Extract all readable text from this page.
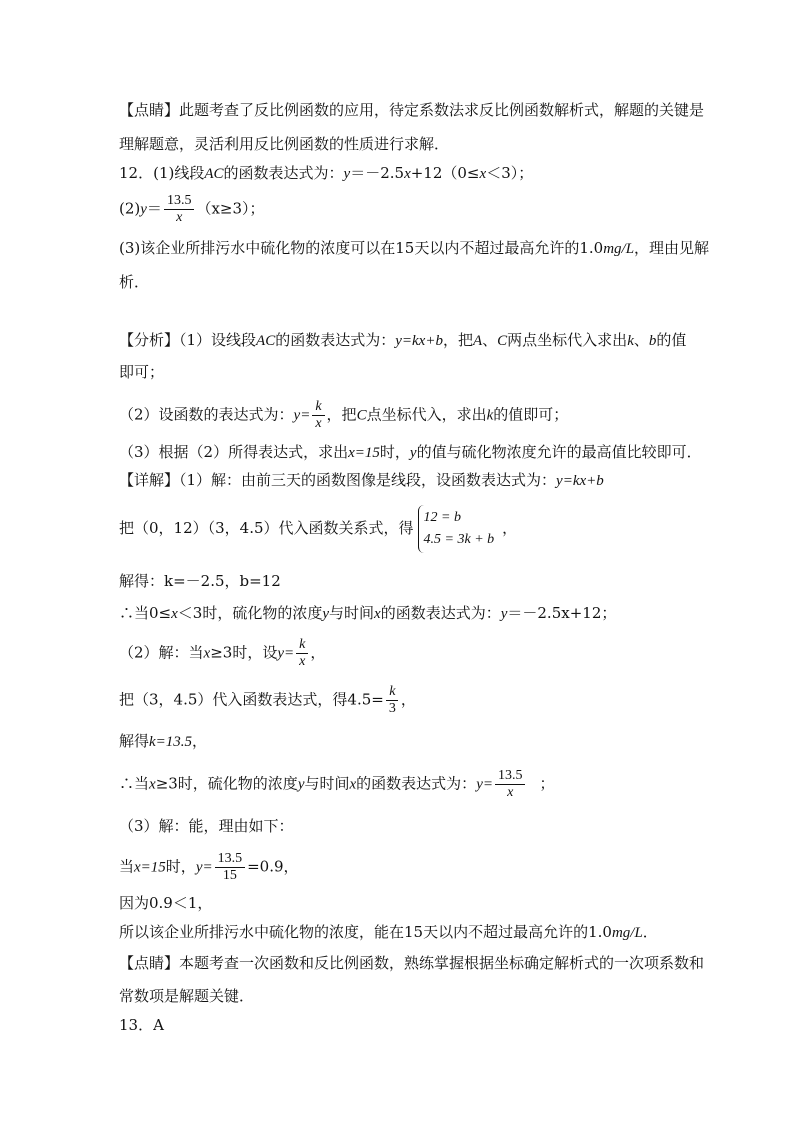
【点睛】此题考查了反比例函数的应用，待定系数法求反比例函数解析式，解题的关键是
理解题意，灵活利用反比例函数的性质进行求解．
12．(1)线段AC的函数表达式为：y＝－2.5x+12（0≤x＜3）；
$(2)y= \frac{13.5}{x} (x\ge 3)$；
(3)该企业所排污水中硫化物的浓度可以在15天以内不超过最高允许的1.0mg/L，理由见解
析．
【分析】（1）设线段AC的函数表达式为：y=kx+b，把A、C两点坐标代入求出k、b的值
即可；
（2）设函数的表达式为：$y= \frac{k}{x}$ ，把C点坐标代入，求出k的值即可；
（3）根据（2）所得表达式，求出x=15时，y的值与硫化物浓度允许的最高值比较即可．
【详解】（1）解：由前三天的函数图像是线段，设函数表达式为：y=kx+b
把（0，12）（3，4.5）代入函数关系式，得
12 = b
4.5 = 3k + b
，
解得：k=－2.5，b=12
∴当0≤x＜3时，硫化物的浓度y与时间x的函数表达式为：y＝－2.5x+12；
（2）解：当x≥3时，设$y= \frac{k}{x}$ ，
把（3，4.5）代入函数表达式，得$4.5= \frac{k}{3}$ ，
解得k=13.5，
∴当x≥3时，硫化物的浓度y与时间x的函数表达式为：$y= \frac{13.5}{x}$ ；
（3）解：能，理由如下：
当x=15时，$y= \frac{13.5}{15} =0.9$，
因为0.9＜1，
所以该企业所排污水中硫化物的浓度，能在15天以内不超过最高允许的1.0mg/L．
【点睛】本题考查一次函数和反比例函数，熟练掌握根据坐标确定解析式的一次项系数和
常数项是解题关键．
13．A
